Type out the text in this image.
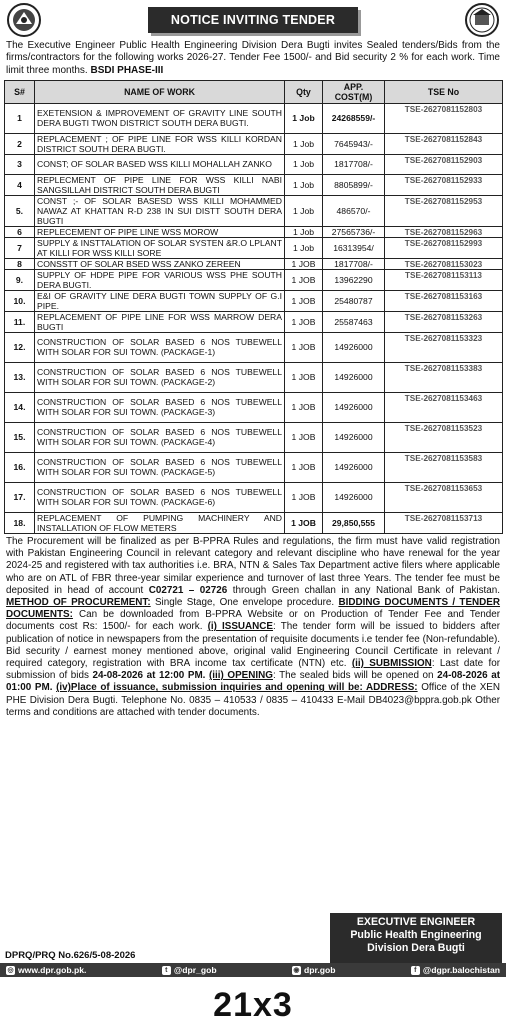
NOTICE INVITING TENDER
The Executive Engineer Public Health Engineering Division Dera Bugti invites Sealed tenders/Bids from the firms/contractors for the following works 2026-27. Tender Fee 1500/- and Bid security 2 % for each work. Time limit three months. BSDI PHASE-III
S#	NAME OF WORK	Qty	APP. COST(M)	TSE No
1	EXETENSION & IMPROVEMENT OF GRAVITY LINE SOUTH DERA BUGTI TWON DISTRICT SOUTH DERA BUGTI.	1 Job	24268559/-	TSE-2627081152803
2	REPLACEMENT ; OF PIPE LINE FOR WSS KILLI KORDAN DISTRICT SOUTH DERA BUGTI.	1 Job	7645943/-	TSE-2627081152843
3	CONST; OF SOLAR BASED WSS KILLI MOHALLAH ZANKO	1 Job	1817708/-	TSE-2627081152903
4	REPLECMENT OF PIPE LINE FOR WSS KILLI NABI SANGSILLAH DISTRICT SOUTH DERA BUGTI	1 Job	8805899/-	TSE-2627081152933
5.	CONST ;- OF SOLAR BASESD WSS KILLI MOHAMMED NAWAZ AT KHATTAN R-D 238 IN SUI DISTT SOUTH DERA BUGTI	1 Job	486570/-	TSE-2627081152953
6	REPLECEMENT OF PIPE LINE WSS MOROW	1 Job	27565736/-	TSE-2627081152963
7	SUPPLY & INSTTALATION OF SOLAR SYSTEN &R.O LPLANT AT KILLI FOR WSS KILLI SORE	1 Job	16313954/	TSE-2627081152993
8	CONSSTT OF SOLAR BSED WSS ZANKO ZEREEN	1 JOB	1817708/-	TSE-2627081153023
9.	SUPPLY OF HDPE PIPE FOR VARIOUS WSS PHE SOUTH DERA BUGTI.	1 JOB	13962290	TSE-2627081153113
10.	E&I OF GRAVITY LINE DERA BUGTI TOWN SUPPLY OF G.I PIPE.	1 JOB	25480787	TSE-2627081153163
11.	REPLACEMENT OF PIPE LINE FOR WSS MARROW DERA BUGTI	1 JOB	25587463	TSE-2627081153263
12.	CONSTRUCTION OF SOLAR BASED 6 NOS TUBEWELL WITH SOLAR FOR SUI TOWN. (PACKAGE-1)	1 JOB	14926000	TSE-2627081153323
13.	CONSTRUCTION OF SOLAR BASED 6 NOS TUBEWELL WITH SOLAR FOR SUI TOWN. (PACKAGE-2)	1 JOB	14926000	TSE-2627081153383
14.	CONSTRUCTION OF SOLAR BASED 6 NOS TUBEWELL WITH SOLAR FOR SUI TOWN. (PACKAGE-3)	1 JOB	14926000	TSE-2627081153463
15.	CONSTRUCTION OF SOLAR BASED 6 NOS TUBEWELL WITH SOLAR FOR SUI TOWN. (PACKAGE-4)	1 JOB	14926000	TSE-2627081153523
16.	CONSTRUCTION OF SOLAR BASED 6 NOS TUBEWELL WITH SOLAR FOR SUI TOWN. (PACKAGE-5)	1 JOB	14926000	TSE-2627081153583
17.	CONSTRUCTION OF SOLAR BASED 6 NOS TUBEWELL WITH SOLAR FOR SUI TOWN. (PACKAGE-6)	1 JOB	14926000	TSE-2627081153653
18.	REPLACEMENT OF PUMPING MACHINERY AND INSTALLATION OF FLOW METERS	1 JOB	29,850,555	TSE-2627081153713
The Procurement will be finalized as per B-PPRA Rules and regulations, the firm must have valid registration with Pakistan Engineering Council in relevant category and relevant discipline who have renewal for the year 2024-25 and registered with tax authorities i.e. BRA, NTN & Sales Tax Department active filers where applicable who are on ATL of FBR three-year similar experience and turnover of last three Years. The tender fee must be deposited in head of account C02721 – 02726 through Green challan in any National Bank of Pakistan. METHOD OF PROCUREMENT: Single Stage, One envelope procedure. BIDDING DOCUMENTS / TENDER DOCUMENTS: Can be downloaded from B-PPRA Website or on Production of Tender Fee and Tender documents cost Rs: 1500/- for each work. (i) ISSUANCE: The tender form will be issued to bidders after publication of notice in newspapers from the presentation of requisite documents i.e tender fee (Non-refundable). Bid security / earnest money mentioned above, original valid Engineering Council Certificate in relevant / required category, registration with BRA income tax certificate (NTN) etc. (ii) SUBMISSION: Last date for submission of bids 24-08-2026 at 12:00 PM. (iii) OPENING: The sealed bids will be opened on 24-08-2026 at 01:00 PM. (iv)Place of issuance, submission inquiries and opening will be: ADDRESS: Office of the XEN PHE Division Dera Bugti. Telephone No. 0835 – 410533 / 0835 – 410433 E-Mail DB4023@bppra.gob.pk Other terms and conditions are attached with tender documents.
EXECUTIVE ENGINEER
Public Health Engineering
Division Dera Bugti
DPRQ/PRQ No.626/5-08-2026
◎ www.dpr.gob.pk.	t @dpr_gob	◉ dpr.gob	f @dgpr.balochistan
21x3
